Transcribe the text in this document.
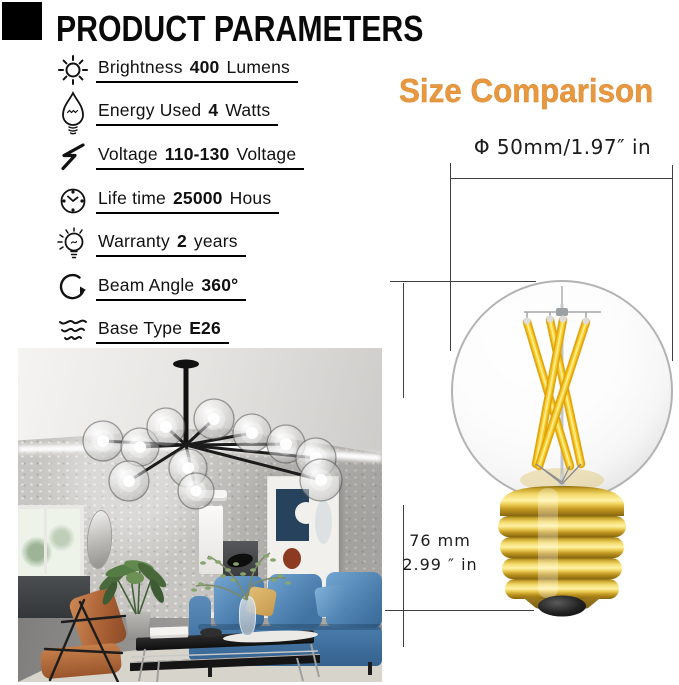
PRODUCT PARAMETERS
Brightness 400 Lumens
Energy Used 4 Watts
Voltage 110-130 Voltage
Life time 25000 Hous
Warranty 2 years
Beam Angle 360°
Base Type E26
Size Comparison
Φ 50mm/1.97″ in
76 mm
2.99 ″ in
